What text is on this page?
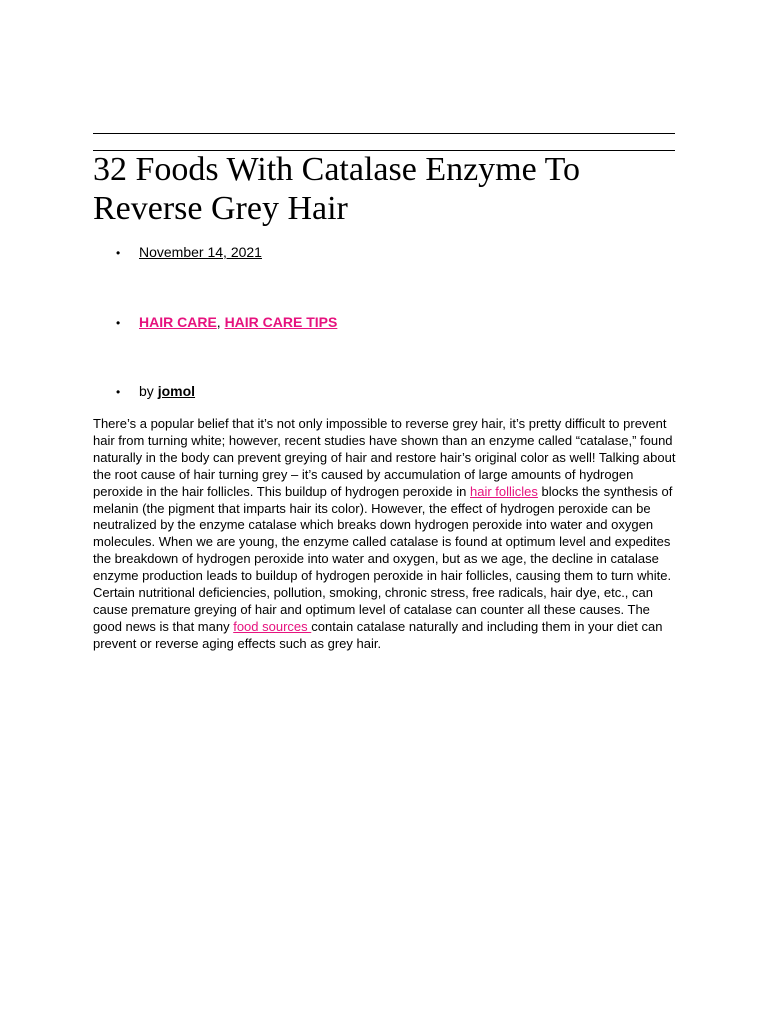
32 Foods With Catalase Enzyme To Reverse Grey Hair
• November 14, 2021
• HAIR CARE, HAIR CARE TIPS
• by jomol

There’s a popular belief that it’s not only impossible to reverse grey hair, it’s pretty difficult to prevent hair from turning white; however, recent studies have shown than an enzyme called “catalase,” found naturally in the body can prevent greying of hair and restore hair’s original color as well! Talking about the root cause of hair turning grey – it’s caused by accumulation of large amounts of hydrogen peroxide in the hair follicles. This buildup of hydrogen peroxide in hair follicles blocks the synthesis of melanin (the pigment that imparts hair its color). However, the effect of hydrogen peroxide can be neutralized by the enzyme catalase which breaks down hydrogen peroxide into water and oxygen molecules. When we are young, the enzyme called catalase is found at optimum level and expedites the breakdown of hydrogen peroxide into water and oxygen, but as we age, the decline in catalase enzyme production leads to buildup of hydrogen peroxide in hair follicles, causing them to turn white. Certain nutritional deficiencies, pollution, smoking, chronic stress, free radicals, hair dye, etc., can cause premature greying of hair and optimum level of catalase can counter all these causes. The good news is that many food sources contain catalase naturally and including them in your diet can prevent or reverse aging effects such as grey hair.
